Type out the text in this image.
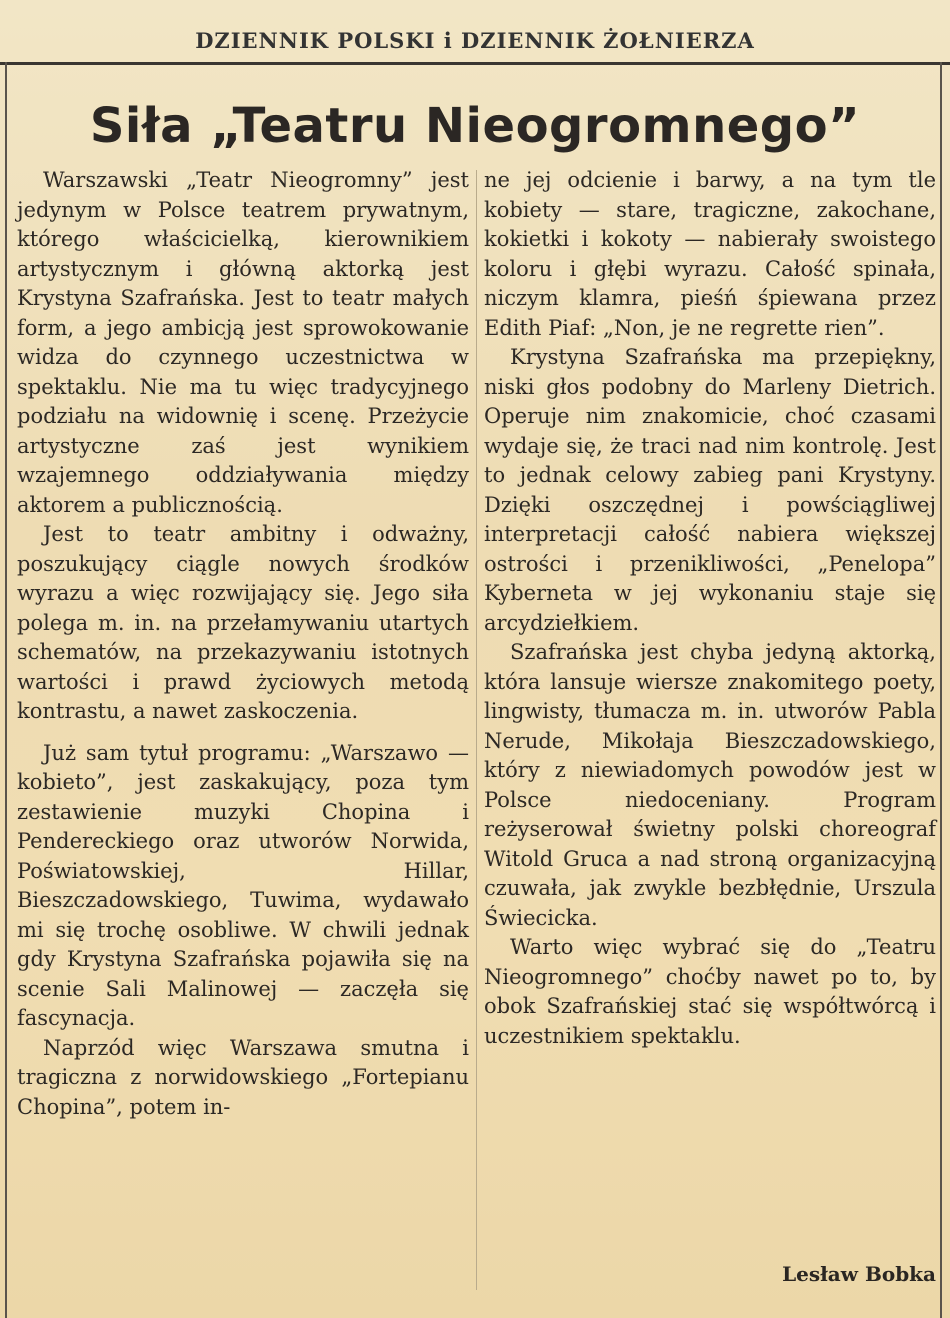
DZIENNIK POLSKI i DZIENNIK ŻOŁNIERZA
Siła „Teatru Nieogromnego”

Warszawski „Teatr Nieogromny” jest jedynym w Polsce teatrem prywatnym, którego właścicielką, kierownikiem artystycznym i główną aktorką jest Krystyna Szafrańska. Jest to teatr małych form, a jego ambicją jest sprowokowanie widza do czynnego uczestnictwa w spektaklu. Nie ma tu więc tradycyjnego podziału na widownię i scenę. Przeżycie artystyczne zaś jest wynikiem wzajemnego oddziaływania między aktorem a publicznością.

Jest to teatr ambitny i odważny, poszukujący ciągle nowych środków wyrazu a więc rozwijający się. Jego siła polega m. in. na przełamywaniu utartych schematów, na przekazywaniu istotnych wartości i prawd życiowych metodą kontrastu, a nawet zaskoczenia.

Już sam tytuł programu: „Warszawo — kobieto”, jest zaskakujący, poza tym zestawienie muzyki Chopina i Pendereckiego oraz utworów Norwida, Poświatowskiej, Hillar, Bieszczadowskiego, Tuwima, wydawało mi się trochę osobliwe. W chwili jednak gdy Krystyna Szafrańska pojawiła się na scenie Sali Malinowej — zaczęła się fascynacja.

Naprzód więc Warszawa smutna i tragiczna z norwidowskiego „Fortepianu Chopina”, potem in-

ne jej odcienie i barwy, a na tym tle kobiety — stare, tragiczne, zakochane, kokietki i kokoty — nabierały swoistego koloru i głębi wyrazu. Całość spinała, niczym klamra, pieśń śpiewana przez Edith Piaf: „Non, je ne regrette rien”.

Krystyna Szafrańska ma przepiękny, niski głos podobny do Marleny Dietrich. Operuje nim znakomicie, choć czasami wydaje się, że traci nad nim kontrolę. Jest to jednak celowy zabieg pani Krystyny. Dzięki oszczędnej i powściągliwej interpretacji całość nabiera większej ostrości i przenikliwości, „Penelopa” Kyberneta w jej wykonaniu staje się arcydziełkiem.

Szafrańska jest chyba jedyną aktorką, która lansuje wiersze znakomitego poety, lingwisty, tłumacza m. in. utworów Pabla Nerude, Mikołaja Bieszczadowskiego, który z niewiadomych powodów jest w Polsce niedoceniany. Program reżyserował świetny polski choreograf Witold Gruca a nad stroną organizacyjną czuwała, jak zwykle bezbłędnie, Urszula Świecicka.

Warto więc wybrać się do „Teatru Nieogromnego” choćby nawet po to, by obok Szafrańskiej stać się współtwórcą i uczestnikiem spektaklu.

Lesław Bobka
